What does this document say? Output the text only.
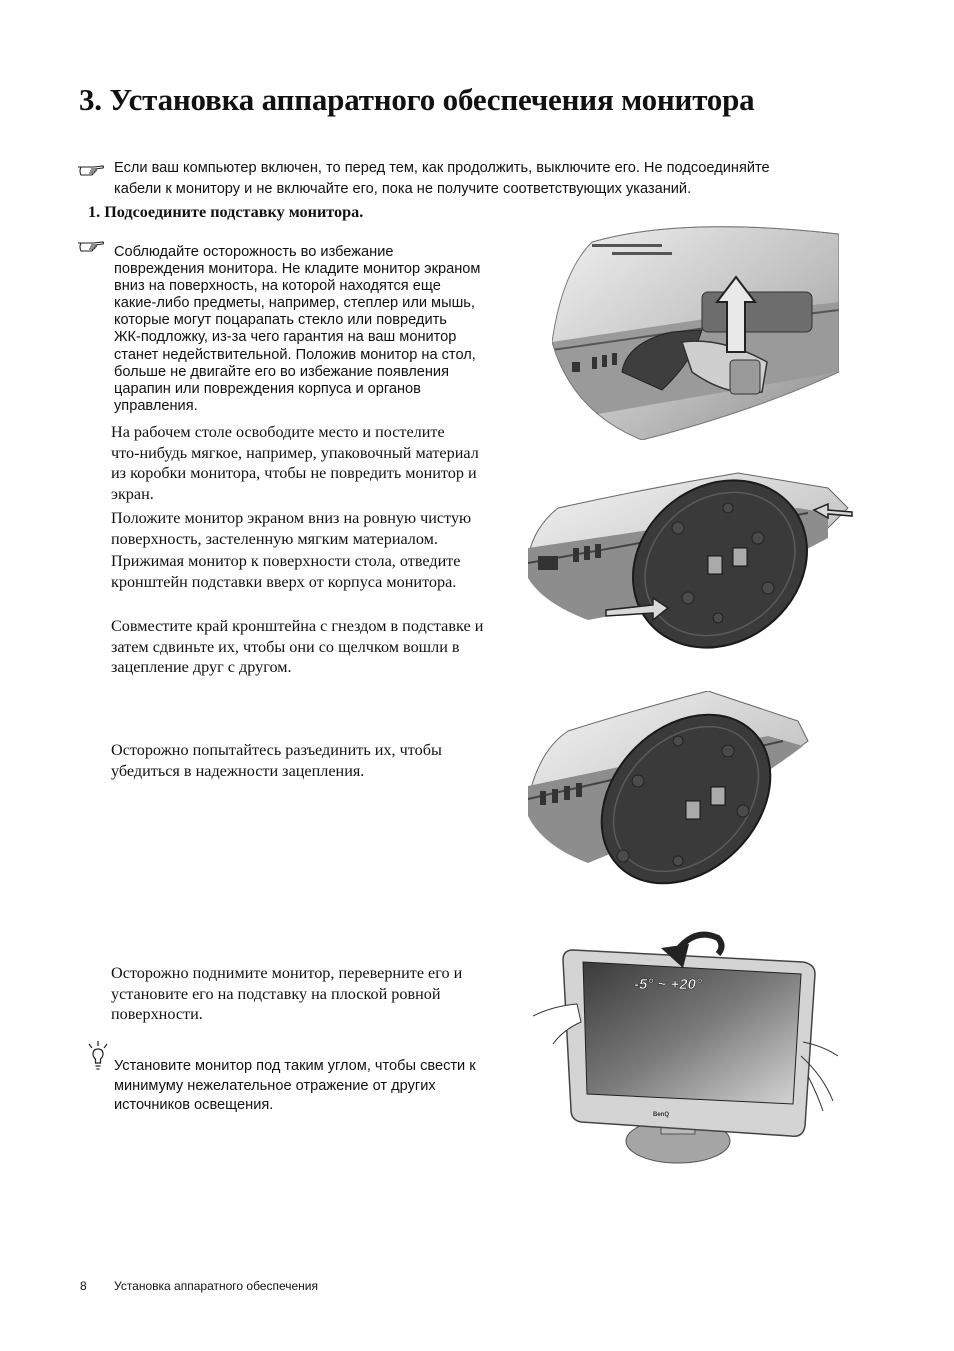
3. Установка аппаратного обеспечения монитора
Если ваш компьютер включен, то перед тем, как продолжить, выключите его. Не подсоединяйте
кабели к монитору и не включайте его, пока не получите соответствующих указаний.
1. Подсоедините подставку монитора.
Соблюдайте осторожность во избежание
повреждения монитора. Не кладите монитор экраном
вниз на поверхность, на которой находятся еще
какие-либо предметы, например, степлер или мышь,
которые могут поцарапать стекло или повредить
ЖК-подложку, из-за чего гарантия на ваш монитор
станет недействительной. Положив монитор на стол,
больше не двигайте его во избежание появления
царапин или повреждения корпуса и органов
управления.
На рабочем столе освободите место и постелите
что-нибудь мягкое, например, упаковочный материал
из коробки монитора, чтобы не повредить монитор и
экран.
Положите монитор экраном вниз на ровную чистую
поверхность, застеленную мягким материалом.
Прижимая монитор к поверхности стола, отведите
кронштейн подставки вверх от корпуса монитора.
Совместите край кронштейна с гнездом в подставке и
затем сдвиньте их, чтобы они со щелчком вошли в
зацепление друг с другом.
Осторожно попытайтесь разъединить их, чтобы
убедиться в надежности зацепления.
Осторожно поднимите монитор, переверните его и
установите его на подставку на плоской ровной
поверхности.
Установите монитор под таким углом, чтобы свести к
минимуму нежелательное отражение от других
источников освещения.
-5° ~ +20°
BenQ
8 Установка аппаратного обеспечения
